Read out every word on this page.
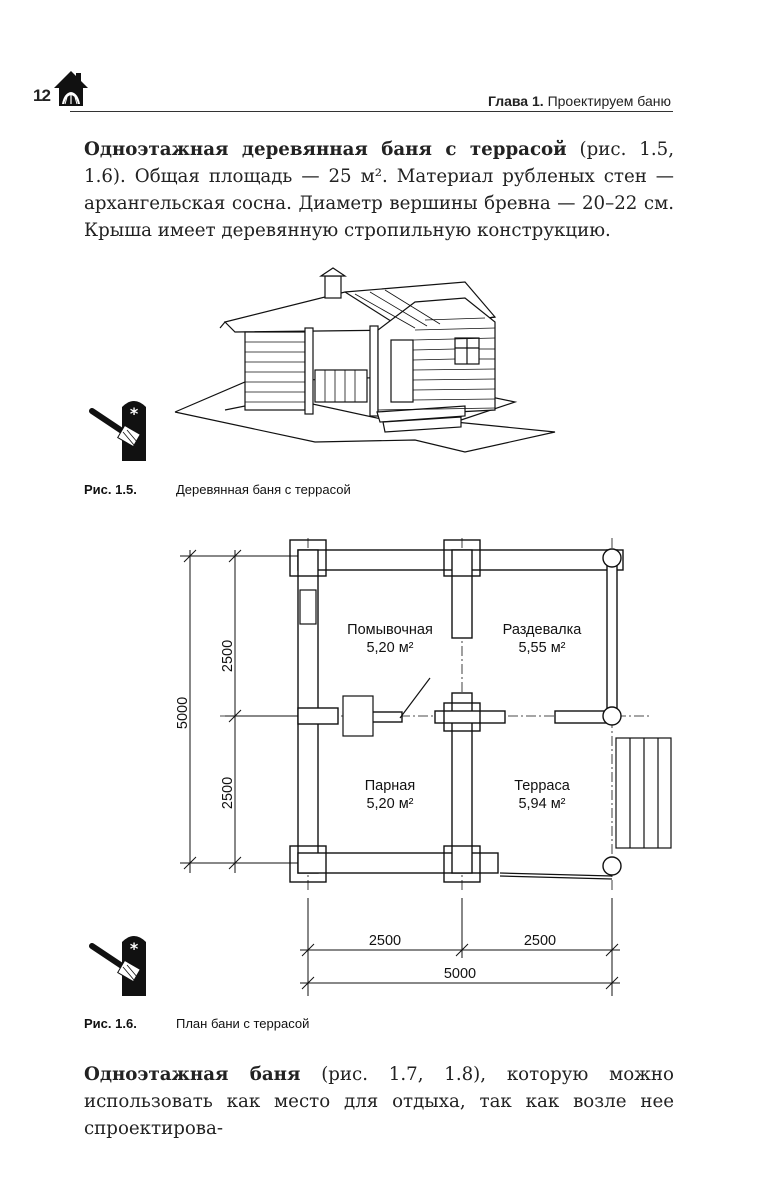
12	Глава 1. Проектируем баню

Одноэтажная деревянная баня с террасой (рис. 1.5, 1.6). Общая площадь — 25 м². Материал рубленых стен — архангельская сосна. Диаметр вершины бревна — 20–22 см. Крыша имеет деревянную стропильную конструкцию.

*
Рис. 1.5.	Деревянная баня с террасой
2500
2500
5000
2500	2500
5000
Помывочная
5,20 м²
Раздевалка
5,55 м²
Парная
5,20 м²
Терраса
5,94 м²
*
Рис. 1.6.	План бани с террасой

Одноэтажная баня (рис. 1.7, 1.8), которую можно использовать как место для отдыха, так как возле нее спроектирова-
